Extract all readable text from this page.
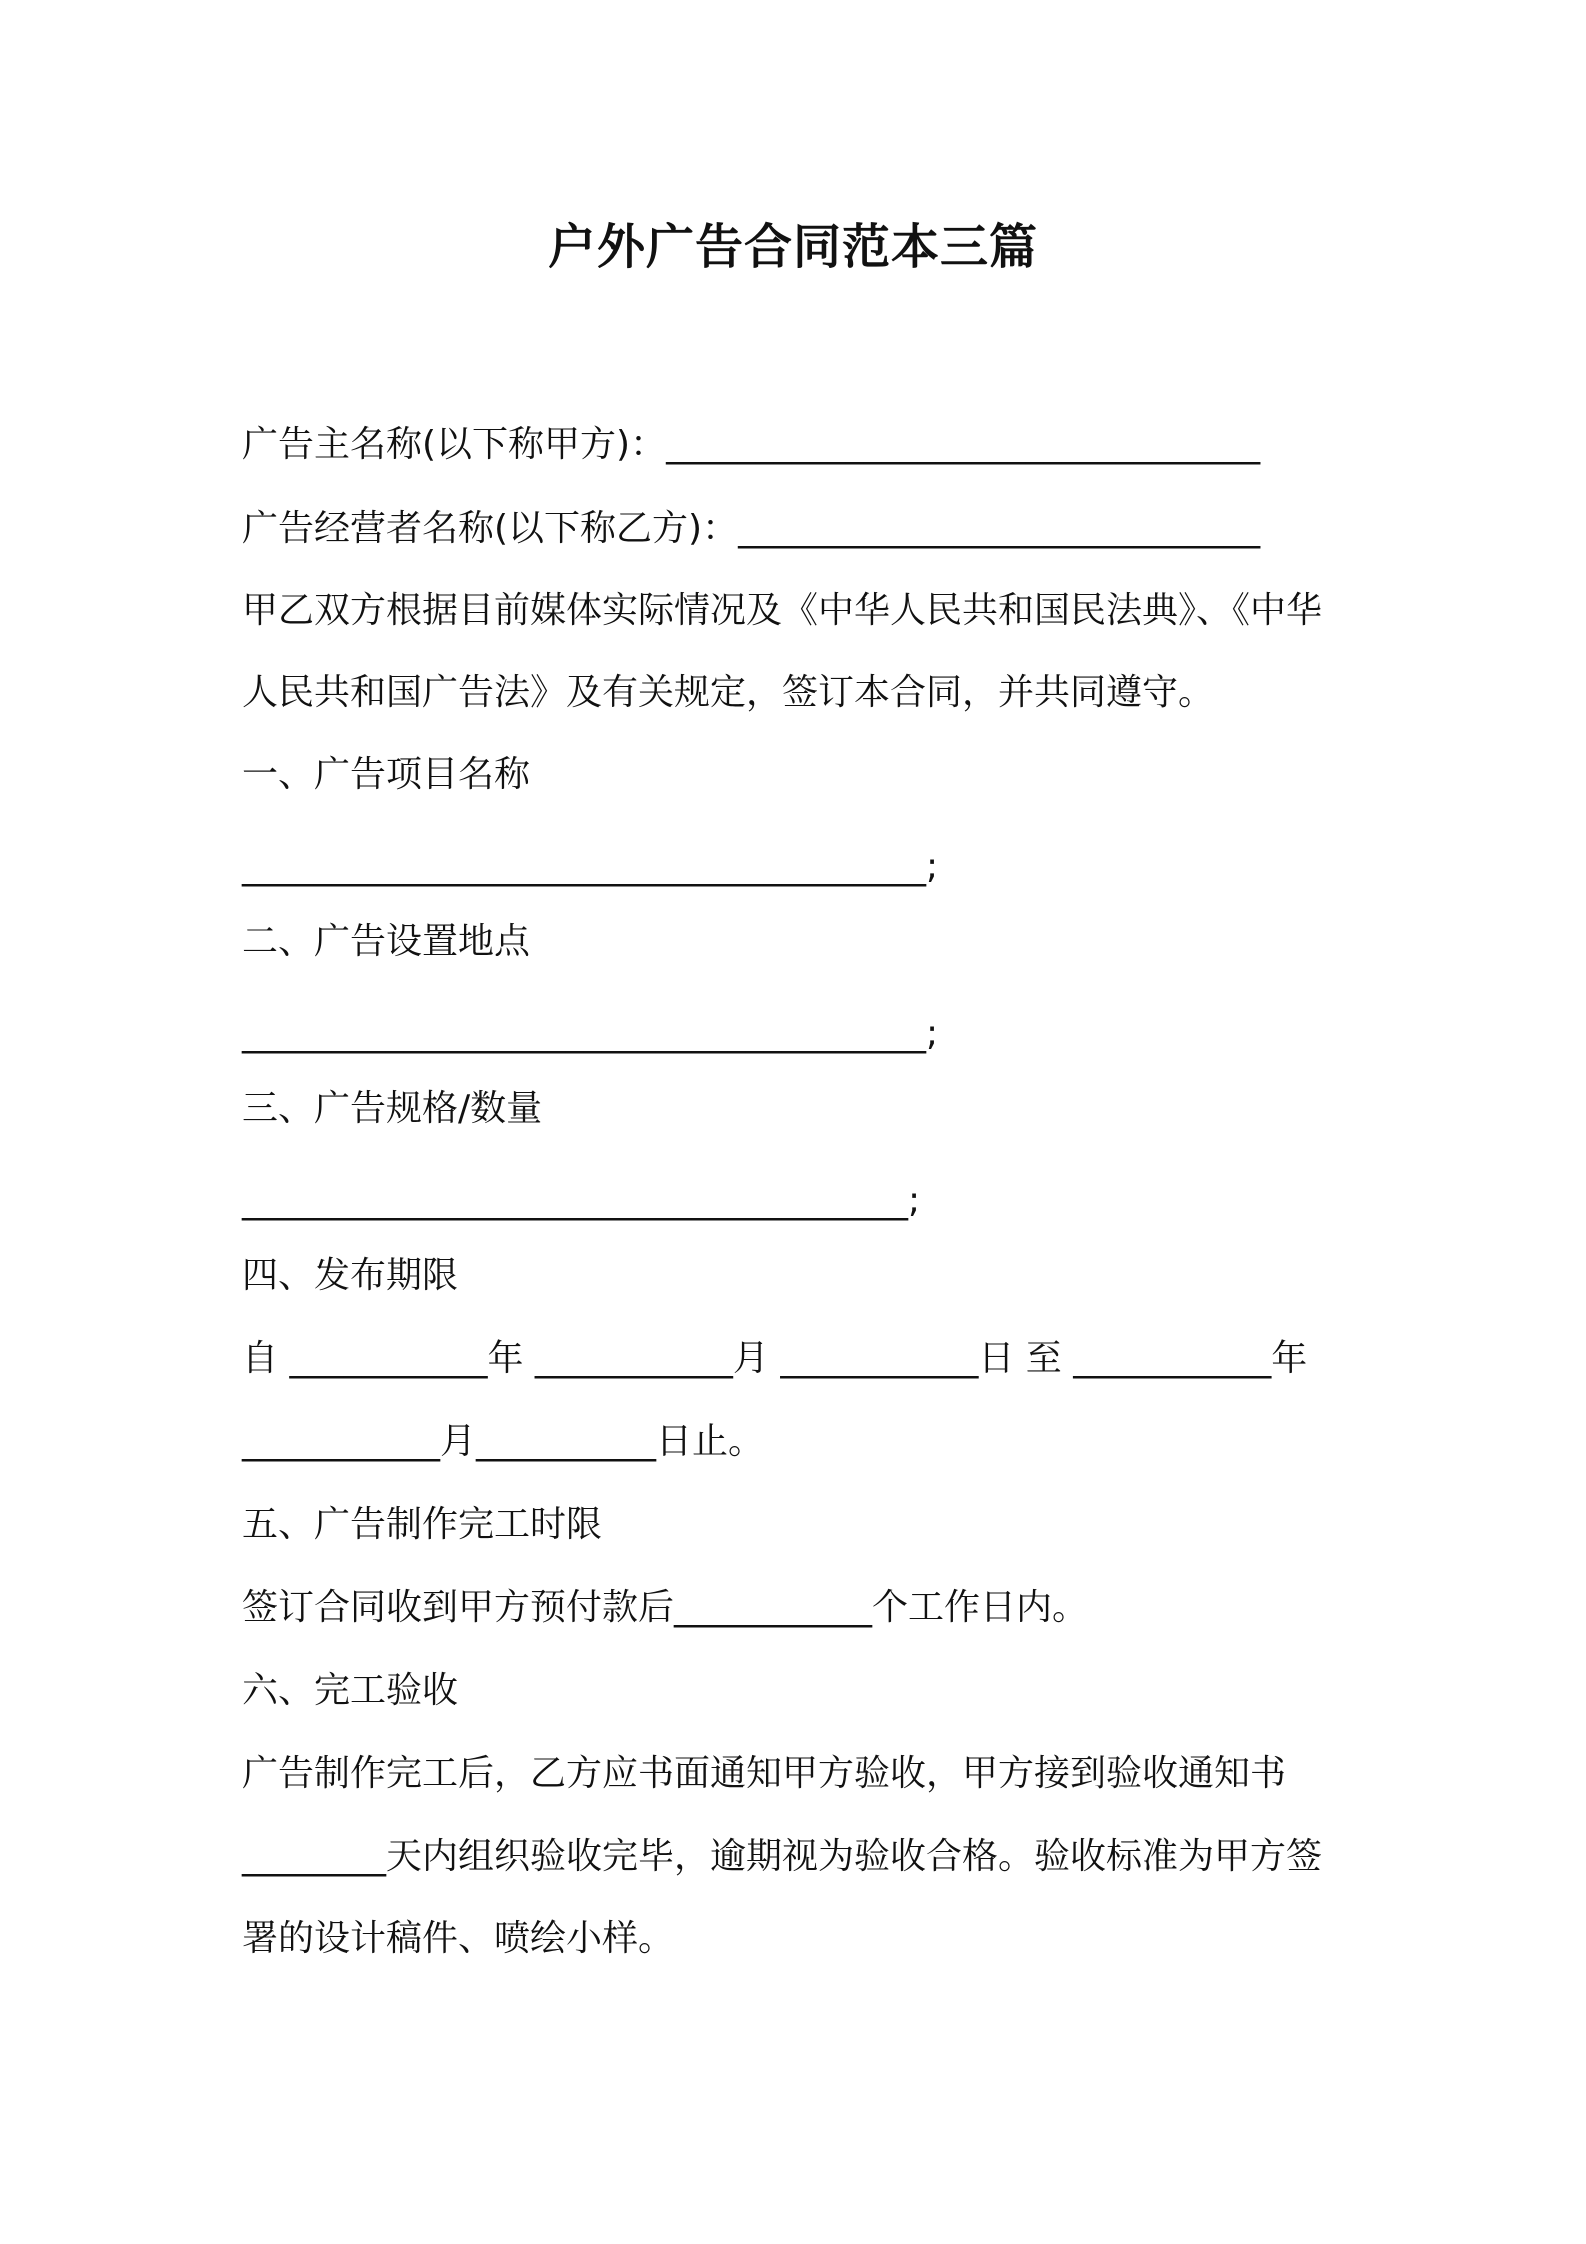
户外广告合同范本三篇
广告主名称(以下称甲方)：_________________________________
广告经营者名称(以下称乙方)：_____________________________
甲乙双方根据目前媒体实际情况及《中华人民共和国民法典》、《中华
人民共和国广告法》及有关规定，签订本合同，并共同遵守。
一、广告项目名称
______________________________________;
二、广告设置地点
______________________________________;
三、广告规格/数量
_____________________________________;
四、发布期限
自 ___________年 ___________月 ___________日 至 ___________年
___________月__________日止。
五、广告制作完工时限
签订合同收到甲方预付款后___________个工作日内。
六、完工验收
广告制作完工后，乙方应书面通知甲方验收，甲方接到验收通知书
________天内组织验收完毕，逾期视为验收合格。验收标准为甲方签
署的设计稿件、喷绘小样。
